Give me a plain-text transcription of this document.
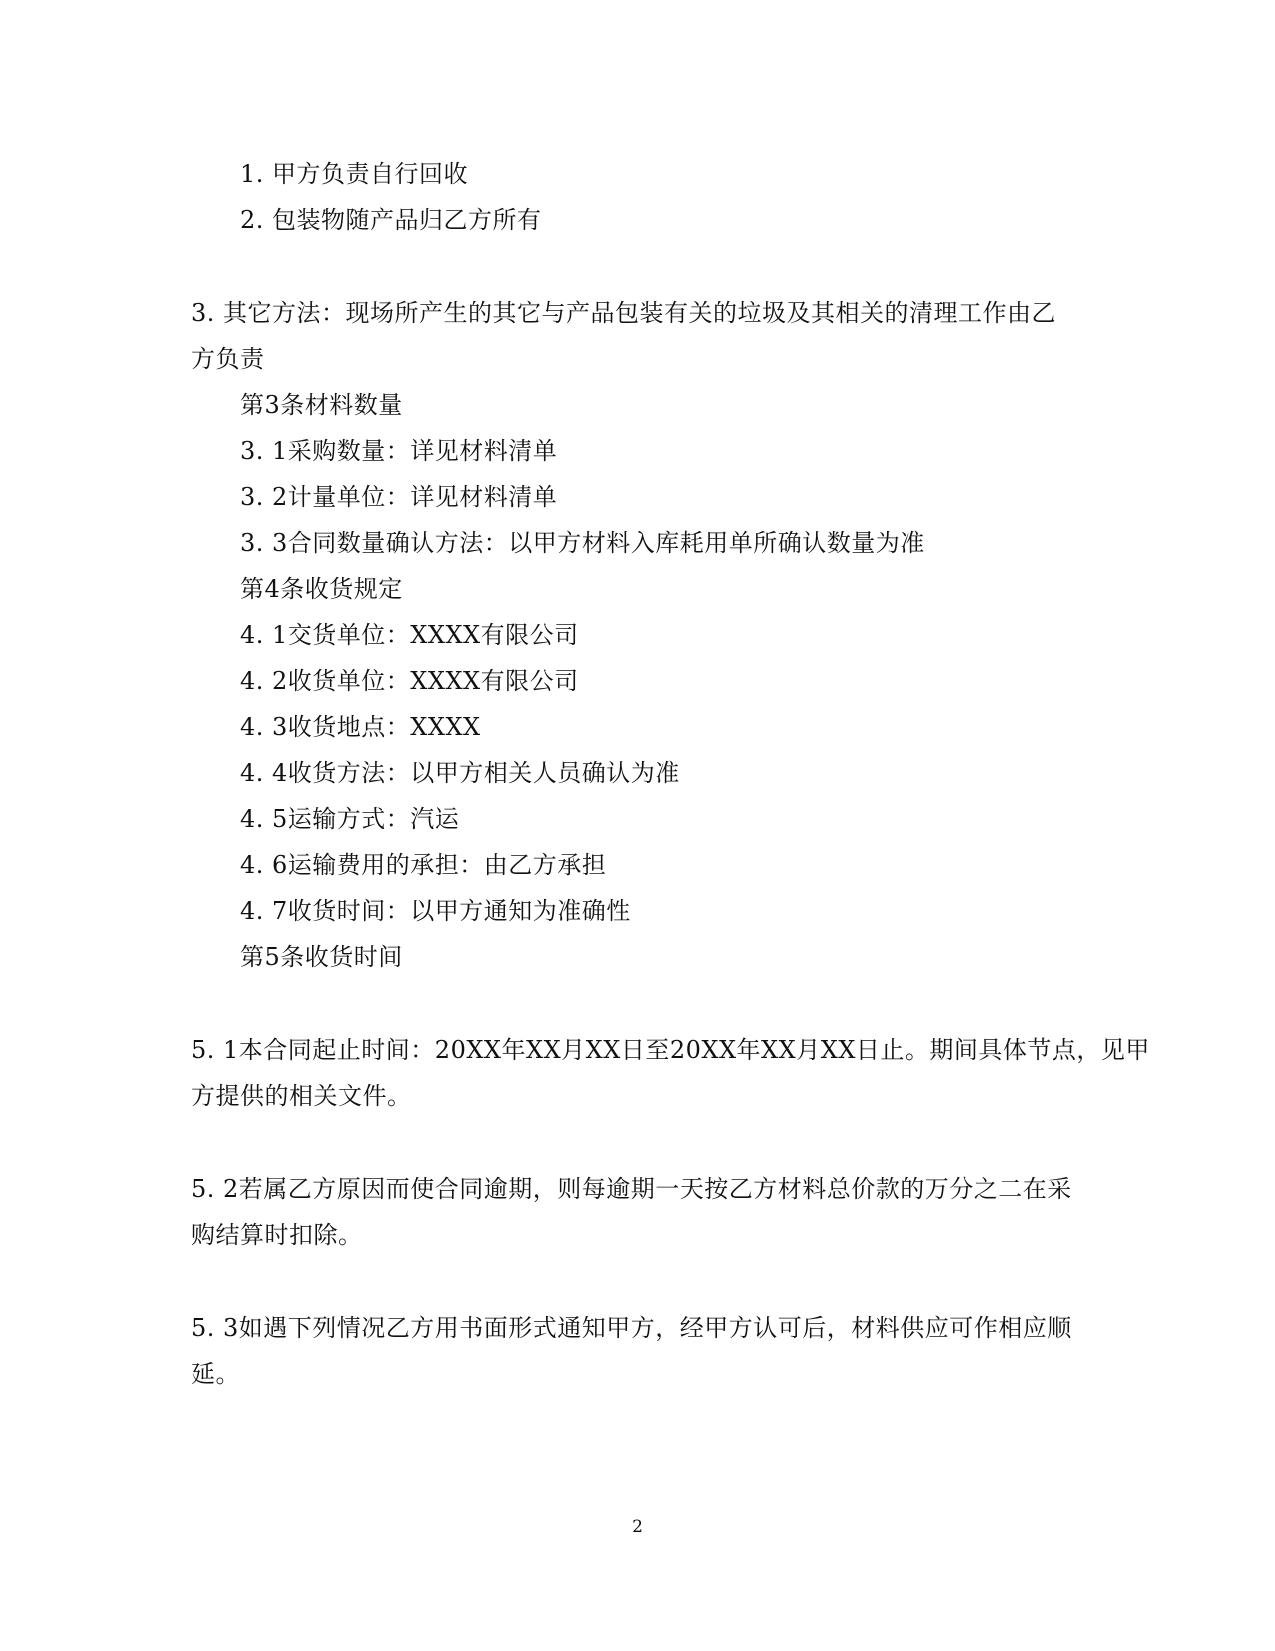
1. 甲方负责自行回收
2. 包装物随产品归乙方所有
3. 其它方法：现场所产生的其它与产品包装有关的垃圾及其相关的清理工作由乙
方负责
第3条材料数量
3. 1采购数量：详见材料清单
3. 2计量单位：详见材料清单
3. 3合同数量确认方法：以甲方材料入库耗用单所确认数量为准
第4条收货规定
4. 1交货单位：XXXX有限公司
4. 2收货单位：XXXX有限公司
4. 3收货地点：XXXX
4. 4收货方法：以甲方相关人员确认为准
4. 5运输方式：汽运
4. 6运输费用的承担：由乙方承担
4. 7收货时间：以甲方通知为准确性
第5条收货时间
5. 1本合同起止时间：20XX年XX月XX日至20XX年XX月XX日止。期间具体节点，见甲
方提供的相关文件。
5. 2若属乙方原因而使合同逾期，则每逾期一天按乙方材料总价款的万分之二在采
购结算时扣除。
5. 3如遇下列情况乙方用书面形式通知甲方，经甲方认可后，材料供应可作相应顺
延。
2
